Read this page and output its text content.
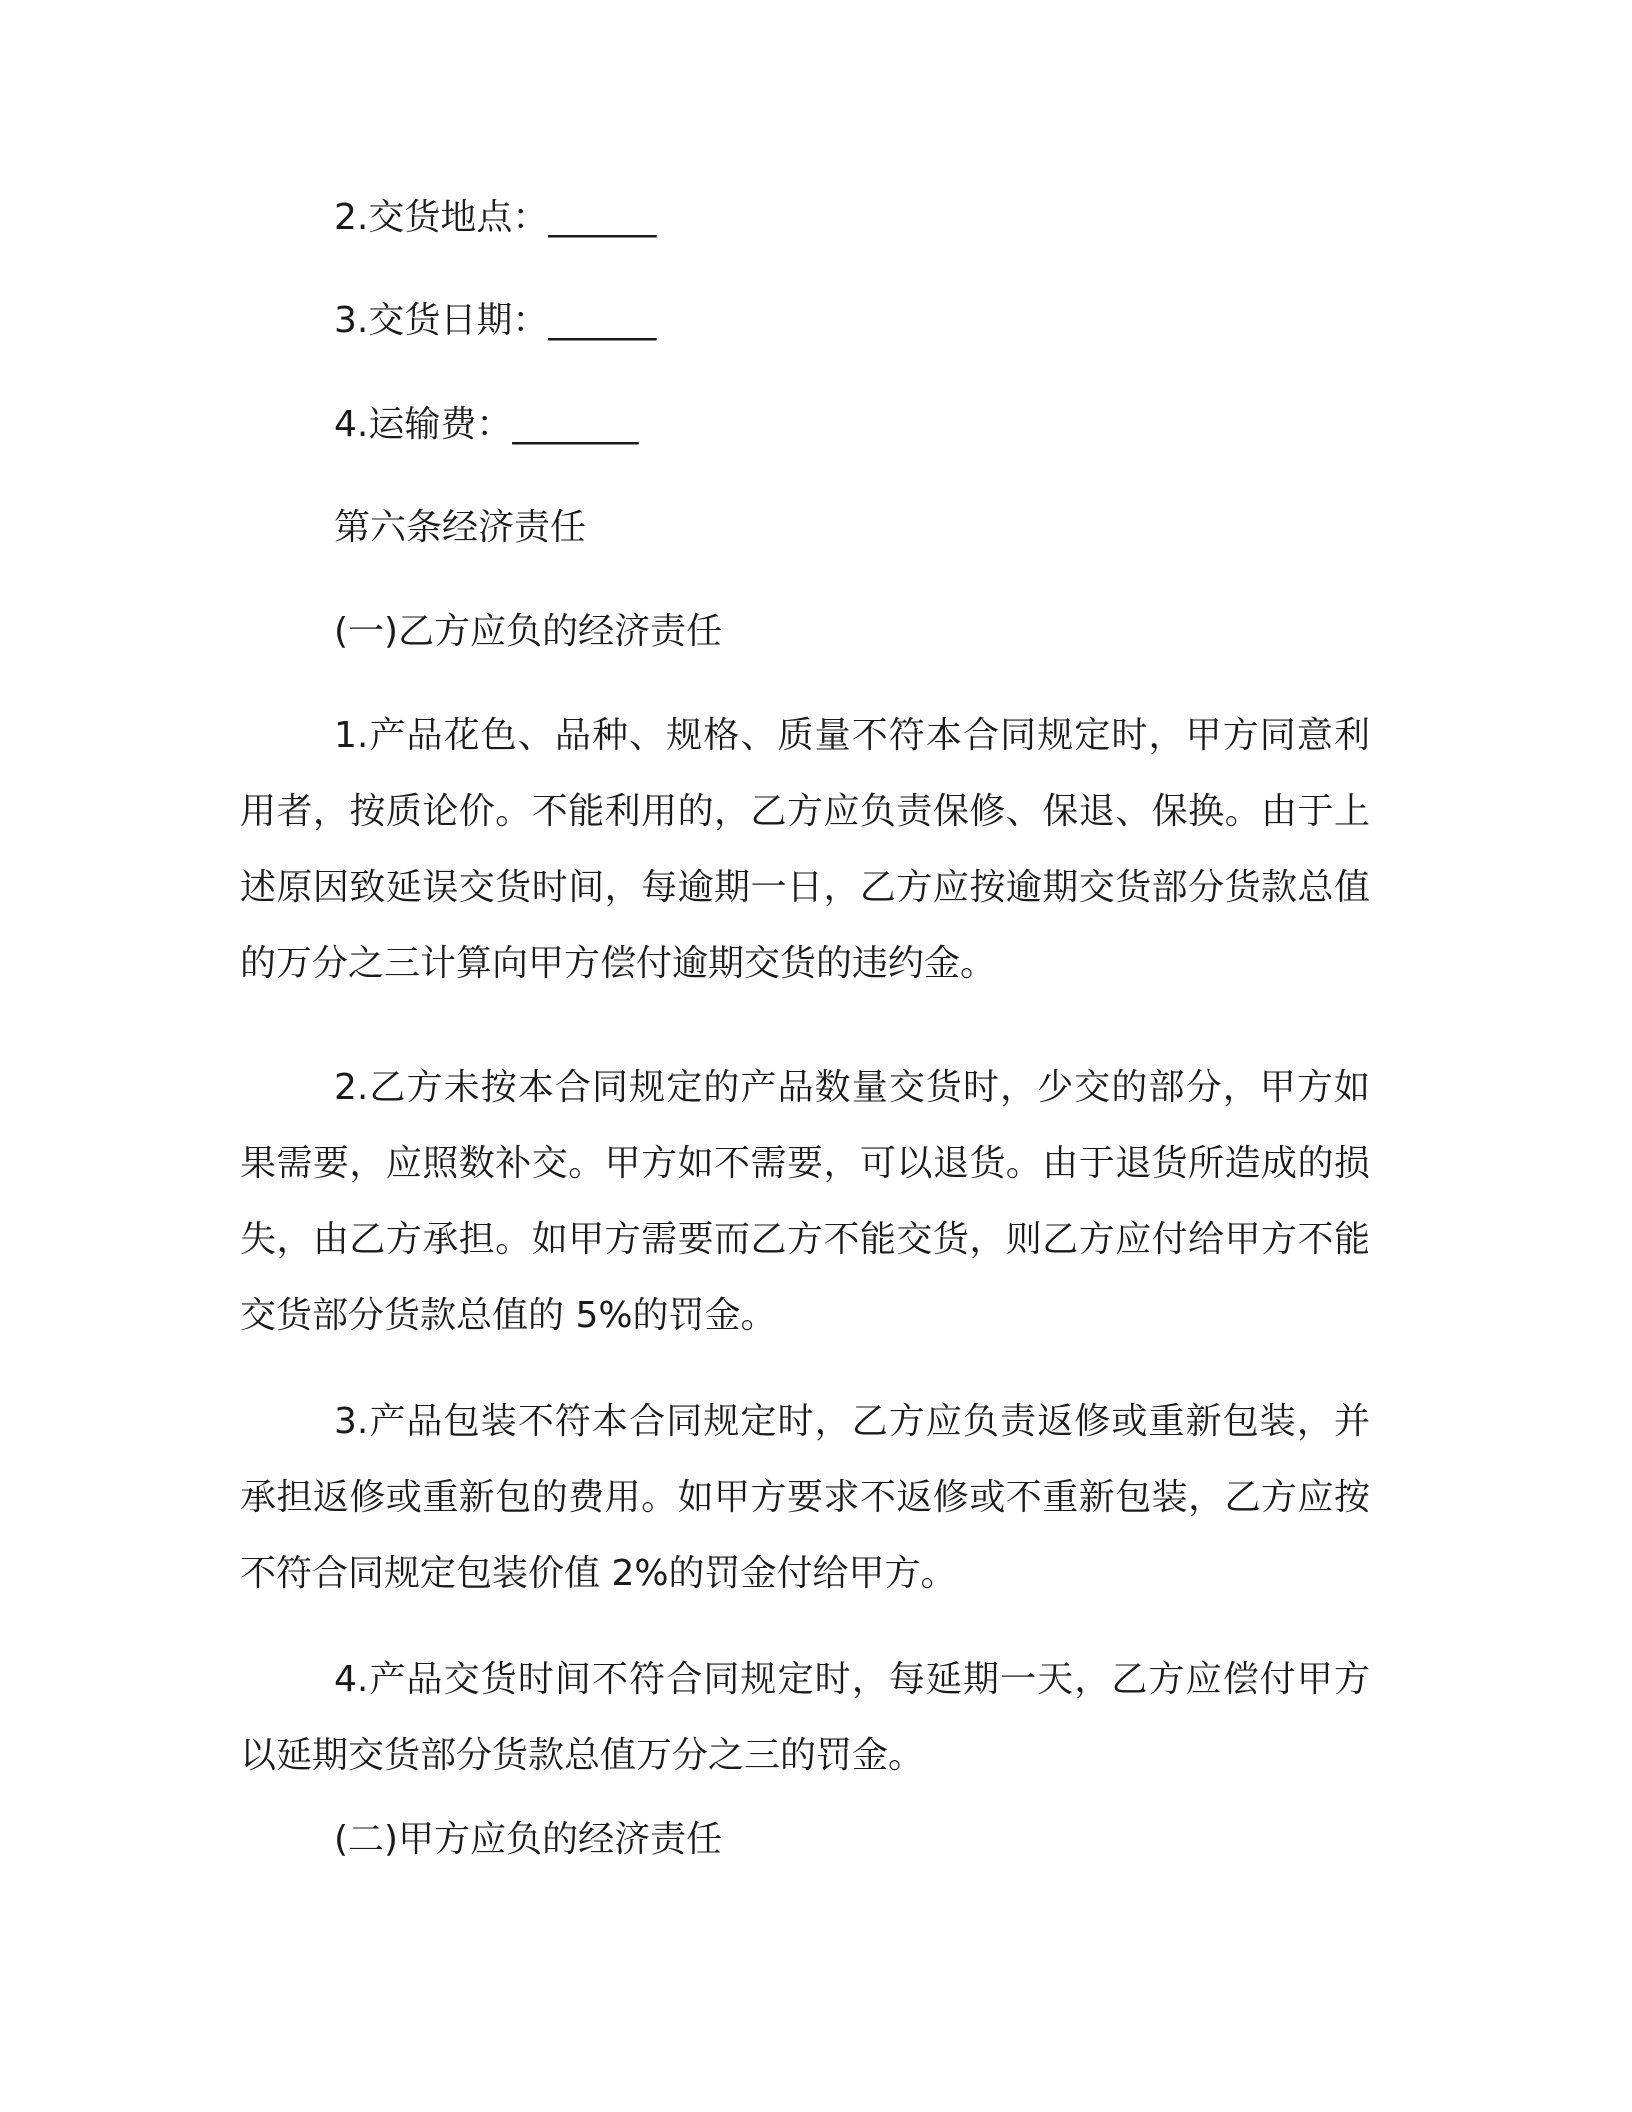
2.交货地点：______
3.交货日期：______
4.运输费：_______
第六条经济责任
(一)乙方应负的经济责任

1.产品花色、品种、规格、质量不符本合同规定时，甲方同意利用者，按质论价。不能利用的，乙方应负责保修、保退、保换。由于上述原因致延误交货时间，每逾期一日，乙方应按逾期交货部分货款总值的万分之三计算向甲方偿付逾期交货的违约金。

2.乙方未按本合同规定的产品数量交货时，少交的部分，甲方如果需要，应照数补交。甲方如不需要，可以退货。由于退货所造成的损失，由乙方承担。如甲方需要而乙方不能交货，则乙方应付给甲方不能交货部分货款总值的 5%的罚金。

3.产品包装不符本合同规定时，乙方应负责返修或重新包装，并承担返修或重新包的费用。如甲方要求不返修或不重新包装，乙方应按不符合同规定包装价值 2%的罚金付给甲方。

4.产品交货时间不符合同规定时，每延期一天，乙方应偿付甲方以延期交货部分货款总值万分之三的罚金。

(二)甲方应负的经济责任
